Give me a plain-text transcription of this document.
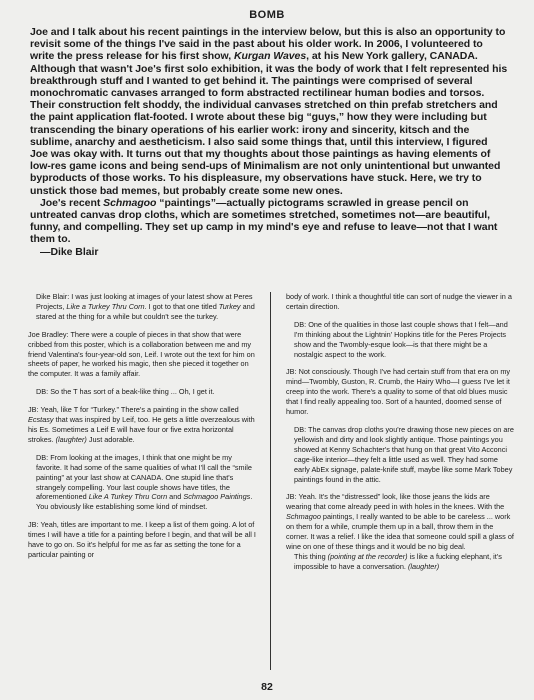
BOMB

Joe and I talk about his recent paintings in the interview below, but this is also an opportunity to revisit some of the things I've said in the past about his older work. In 2006, I volunteered to write the press release for his first show, Kurgan Waves, at his New York gallery, CANADA. Although that wasn't Joe's first solo exhibition, it was the body of work that I felt represented his breakthrough stuff and I wanted to get behind it. The paintings were comprised of several monochromatic canvases arranged to form abstracted rectilinear human bodies and torsos. Their construction felt shoddy, the individual canvases stretched on thin prefab stretchers and the paint application flat-footed. I wrote about these big “guys,” how they were including but transcending the binary operations of his earlier work: irony and sincerity, kitsch and the sublime, anarchy and aestheticism. I also said some things that, until this interview, I figured Joe was okay with. It turns out that my thoughts about those paintings as having elements of low-res game icons and being send-ups of Minimalism are not only unintentional but unwanted byproducts of those works. To his displeasure, my observations have stuck. Here, we try to unstick those bad memes, but probably create some new ones.

Joe's recent Schmagoo “paintings”—actually pictograms scrawled in grease pencil on untreated canvas drop cloths, which are sometimes stretched, sometimes not—are beautiful, funny, and compelling. They set up camp in my mind's eye and refuse to leave—not that I want them to.

—Dike Blair

Dike Blair: I was just looking at images of your latest show at Peres Projects, Like a Turkey Thru Corn. I got to that one titled Turkey and stared at the thing for a while but couldn't see the turkey.

Joe Bradley: There were a couple of pieces in that show that were cribbed from this poster, which is a collaboration between me and my friend Valentina's four-year-old son, Leif. I wrote out the text for him on sheets of paper, he worked his magic, then she pieced it together on the computer. It was a family affair.

DB: So the T has sort of a beak-like thing ... Oh, I get it.

JB: Yeah, like T for “Turkey.” There's a painting in the show called Ecstasy that was inspired by Leif, too. He gets a little overzealous with his Es. Sometimes a Leif E will have four or five extra horizontal strokes. (laughter) Just adorable.

DB: From looking at the images, I think that one might be my favorite. It had some of the same qualities of what I'll call the “smile painting” at your last show at CANADA. One stupid line that's strangely compelling. Your last couple shows have titles, the aforementioned Like A Turkey Thru Corn and Schmagoo Paintings. You obviously like establishing some kind of mindset.

JB: Yeah, titles are important to me. I keep a list of them going. A lot of times I will have a title for a painting before I begin, and that will be all I have to go on. So it's helpful for me as far as setting the tone for a particular painting or

body of work. I think a thoughtful title can sort of nudge the viewer in a certain direction.

DB: One of the qualities in those last couple shows that I felt—and I'm thinking about the Lightnin' Hopkins title for the Peres Projects show and the Twombly-esque look—is that there might be a nostalgic aspect to the work.

JB: Not consciously. Though I've had certain stuff from that era on my mind—Twombly, Guston, R. Crumb, the Hairy Who—I guess I've let it creep into the work. There's a quality to some of that old blues music that I find really appealing too. Sort of a haunted, doomed sense of humor.

DB: The canvas drop cloths you're drawing those new pieces on are yellowish and dirty and look slightly antique. Those paintings you showed at Kenny Schachter's that hung on that great Vito Acconci cage-like interior—they felt a little used as well. They had some early AbEx signage, palate-knife stuff, maybe like some Mark Tobey paintings found in the attic.

JB: Yeah. It's the “distressed” look, like those jeans the kids are wearing that come already peed in with holes in the knees. With the Schmagoo paintings, I really wanted to be able to be careless ... work on them for a while, crumple them up in a ball, throw them in the corner. It was a relief. I like the idea that someone could spill a glass of wine on one of these things and it would be no big deal.

This thing (pointing at the recorder) is like a fucking elephant, it's impossible to have a conversation. (laughter)

82
